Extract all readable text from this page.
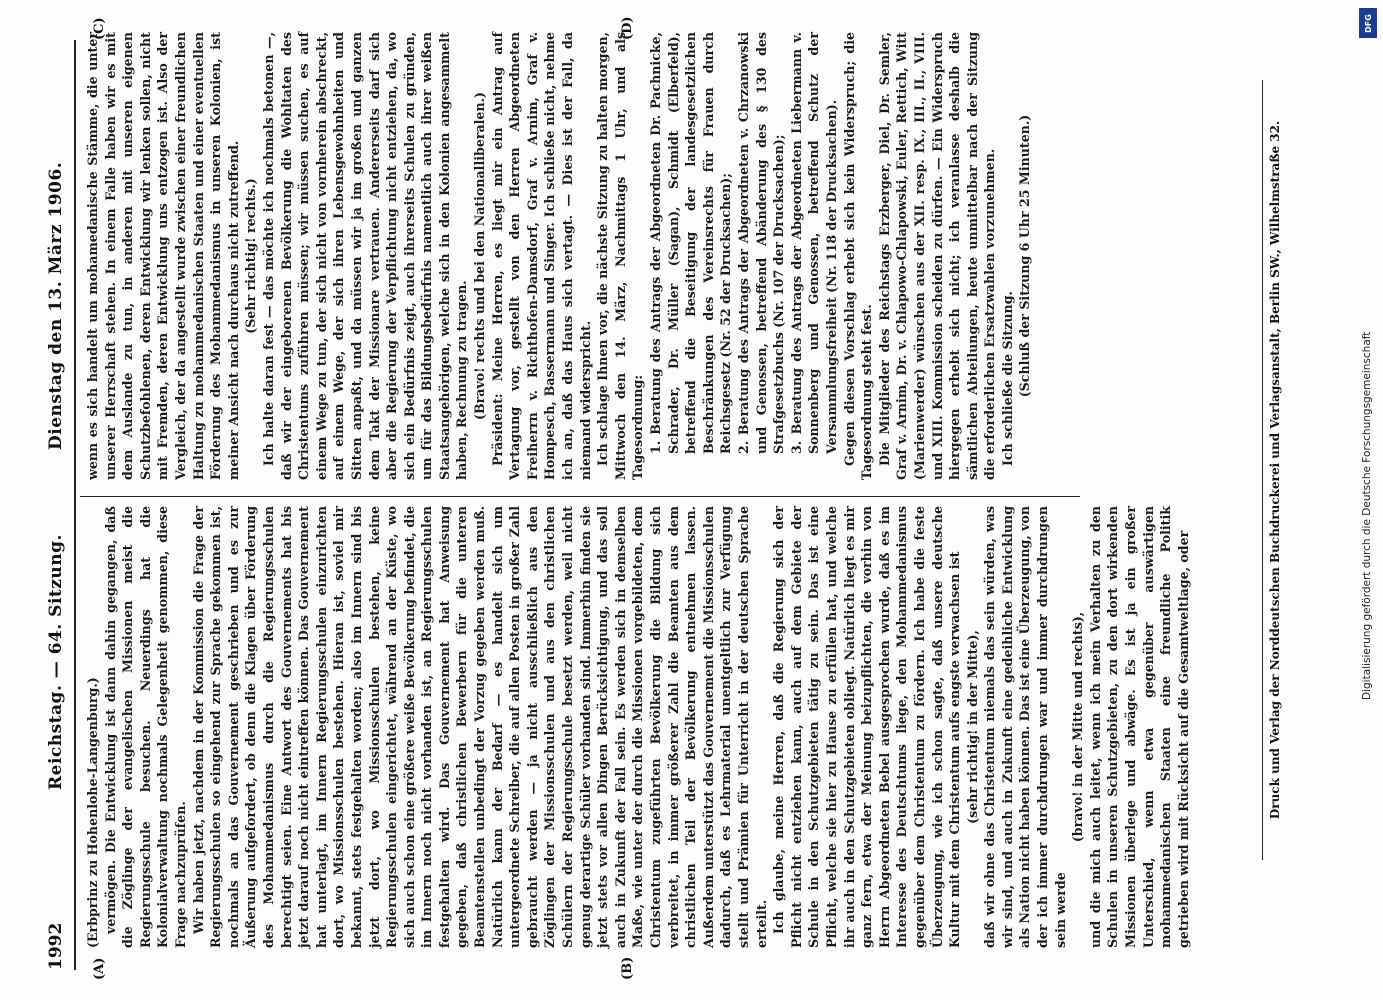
1992
Reichstag. — 64. Sitzung.
Dienstag den 13. März 1906.
(A)	(B)
(C)	(D)

(Erbprinz zu Hohenlohe-Langenburg.) vermögen. Die Entwicklung ist dann dahin gegangen, daß die Zöglinge der evangelischen Missionen meist die Regierungsschule besuchen. Neuerdings hat die Kolonialverwaltung nochmals Gelegenheit genommen, diese Frage nachzuprüfen. Wir haben jetzt, nachdem in der Kommission die Frage der Regierungsschulen so eingehend zur Sprache gekommen ist, nochmals an das Gouvernement geschrieben und es zur Äußerung aufgefordert, ob denn die Klagen über Förderung des Mohammedanismus durch die Regierungsschulen berechtigt seien. Eine Antwort des Gouvernements hat bis jetzt darauf noch nicht eintreffen können. Das Gouvernement hat unterlagt, im Innern Regierungsschulen einzurichten dort, wo Missionsschulen bestehen. Hieran ist, soviel mir bekannt, stets festgehalten worden; also im Innern sind bis jetzt dort, wo Missionsschulen bestehen, keine Regierungsschulen eingerichtet, während an der Küste, wo sich auch schon eine größere weiße Bevölkerung befindet, die im Innern noch nicht vorhanden ist, an Regierungsschulen festgehalten wird. Das Gouvernement hat Anweisung gegeben, daß christlichen Bewerbern für die unteren Beamtenstellen unbedingt der Vorzug gegeben werden muß. Natürlich kann der Bedarf — es handelt sich um untergeordnete Schreiber, die auf allen Posten in großer Zahl gebraucht werden — ja nicht ausschließlich aus den Zöglingen der Missionsschulen und aus den christlichen Schülern der Regierungsschule besetzt werden, weil nicht genug derartige Schüler vorhanden sind. Immerhin finden sie jetzt stets vor allen Dingen Berücksichtigung, und das soll auch in Zukunft der Fall sein. Es werden sich in demselben Maße, wie unter der durch die Missionen vorgebildeten, dem Christentum zugeführten Bevölkerung die Bildung sich verbreitet, in immer größerer Zahl die Beamten aus dem christlichen Teil der Bevölkerung entnehmen lassen. Außerdem unterstützt das Gouvernement die Missionsschulen dadurch, daß es Lehrmaterial unentgeltlich zur Verfügung stellt und Prämien für Unterricht in der deutschen Sprache erteilt. Ich glaube, meine Herren, daß die Regierung sich der Pflicht nicht entziehen kann, auch auf dem Gebiete der Schule in den Schutzgebieten tätig zu sein. Das ist eine Pflicht, welche sie hier zu Hause zu erfüllen hat, und welche ihr auch in den Schutzgebieten obliegt. Natürlich liegt es mir ganz fern, etwa der Meinung beizupflichten, die vorhin von Herrn Abgeordneten Bebel ausgesprochen wurde, daß es im Interesse des Deutschtums liege, den Mohammedanismus gegenüber dem Christentum zu fördern. Ich habe die feste Überzeugung, wie ich schon sagte, daß unsere deutsche Kultur mit dem Christentum aufs engste verwachsen ist (sehr richtig! in der Mitte), daß wir ohne das Christentum niemals das sein würden, was wir sind, und auch in Zukunft eine gedeihliche Entwicklung als Nation nicht haben können. Das ist eine Überzeugung, von der ich immer durchdrungen war und immer durchdrungen sein werde

(bravo! in der Mitte und rechts), und die mich auch leitet, wenn ich mein Verhalten zu den Schulen in unseren Schutzgebieten, zu den dort wirkenden Missionen überlege und abwäge. Es ist ja ein großer Unterschied, wenn etwa gegenüber auswärtigen mohammedanischen Staaten eine freundliche Politik getrieben wird mit Rücksicht auf die Gesamtweltlage, oder

wenn es sich handelt um mohamedanische Stämme, die unter unserer Herrschaft stehen. In einem Falle haben wir es mit dem Auslande zu tun, in anderen mit unseren eigenen Schutzbefohlenen, deren Entwicklung wir lenken sollen, nicht mit Fremden, deren Entwicklung uns entzogen ist. Also der Vergleich, der da angestellt wurde zwischen einer freundlichen Haltung zu mohammedanischen Staaten und einer eventuellen Förderung des Mohammedanismus in unseren Kolonien, ist meiner Ansicht nach durchaus nicht zutreffend. (Sehr richtig! rechts.) Ich halte daran fest — das möchte ich nochmals betonen —, daß wir der eingeborenen Bevölkerung die Wohltaten des Christentums zuführen müssen; wir müssen suchen, es auf einem Wege zu tun, der sich nicht von vornherein abschreckt, auf einem Wege, der sich ihren Lebensgewohnheiten und Sitten anpaßt, und da müssen wir ja im großen und ganzen dem Takt der Missionare vertrauen. Andererseits darf sich aber die Regierung der Verpflichtung nicht entziehen, da, wo sich ein Bedürfnis zeigt, auch ihrerseits Schulen zu gründen, um für das Bildungsbedürfnis namentlich auch ihrer weißen Staatsangehörigen, welche sich in den Kolonien angesammelt haben, Rechnung zu tragen. (Bravo! rechts und bei den Nationalliberalen.) Präsident: Meine Herren, es liegt mir ein Antrag auf Vertagung vor, gestellt von den Herren Abgeordneten Freiherrn v. Richthofen-Damsdorf, Graf v. Arnim, Graf v. Hompesch, Bassermann und Singer. Ich schließe nicht, nehme ich an, daß das Haus sich vertagt. — Dies ist der Fall, da niemand widerspricht. Ich schlage Ihnen vor, die nächste Sitzung zu halten morgen, Mittwoch den 14. März, Nachmittags 1 Uhr, und als Tagesordnung: 1. Beratung des Antrags der Abgeordneten Dr. Pachnicke, Schrader, Dr. Müller (Sagan), Schmidt (Elberfeld), betreffend die Beseitigung der landesgesetzlichen Beschränkungen des Vereinsrechts für Frauen durch Reichsgesetz (Nr. 52 der Drucksachen); 2. Beratung des Antrags der Abgeordneten v. Chrzanowski und Genossen, betreffend Abänderung des § 130 des Strafgesetzbuchs (Nr. 107 der Drucksachen); 3. Beratung des Antrags der Abgeordneten Liebermann v. Sonnenberg und Genossen, betreffend Schutz der Versammlungsfreiheit (Nr. 118 der Drucksachen). Gegen diesen Vorschlag erhebt sich kein Widerspruch; die Tagesordnung steht fest. Die Mitglieder des Reichstags Erzberger, Diel, Dr. Semler, Graf v. Arnim, Dr. v. Chlapowo-Chlapowski, Euler, Rettich, Witt (Marienwerder) wünschen aus der XII. resp. IX., III., II., VIII. und XIII. Kommission scheiden zu dürfen. — Ein Widerspruch hiergegen erhebt sich nicht; ich veranlasse deshalb die sämtlichen Abteilungen, heute unmittelbar nach der Sitzung die erforderlichen Ersatzwahlen vorzunehmen. Ich schließe die Sitzung. (Schluß der Sitzung 6 Uhr 25 Minuten.)	Druck und Verlag der Norddeutschen Buchdruckerei und Verlagsanstalt, Berlin SW., Wilhelmstraße 32.	Digitalisierung gefördert durch die Deutsche Forschungsgemeinschaft
DFG
